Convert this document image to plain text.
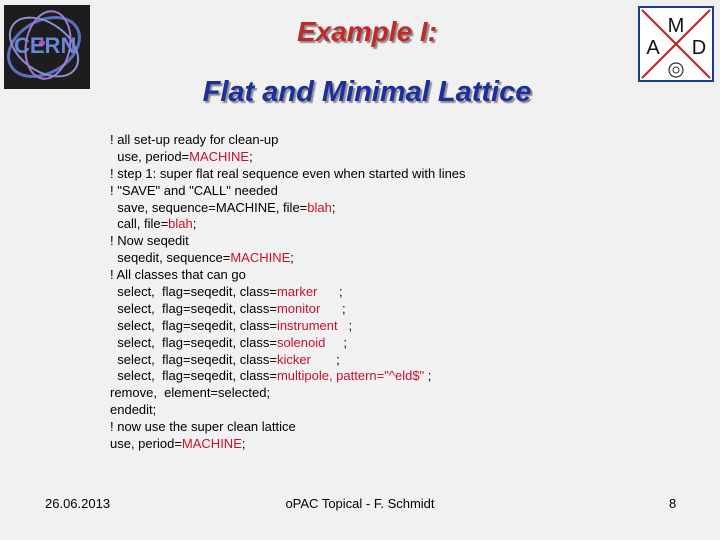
CERN
M
A D
Example I:
Flat and Minimal Lattice
! all set-up ready for clean-up
use, period=MACHINE;
! step 1: super flat real sequence even when started with lines
! "SAVE" and "CALL" needed
save, sequence=MACHINE, file=blah;
call, file=blah;
! Now seqedit
seqedit, sequence=MACHINE;
! All classes that can go
select,  flag=seqedit, class=marker      ;
select,  flag=seqedit, class=monitor      ;
select,  flag=seqedit, class=instrument   ;
select,  flag=seqedit, class=solenoid     ;
select,  flag=seqedit, class=kicker       ;
select,  flag=seqedit, class=multipole, pattern="^eld$" ;
remove,  element=selected;
endedit;
! now use the super clean lattice
use, period=MACHINE;
26.06.2013	oPAC Topical - F. Schmidt	8
